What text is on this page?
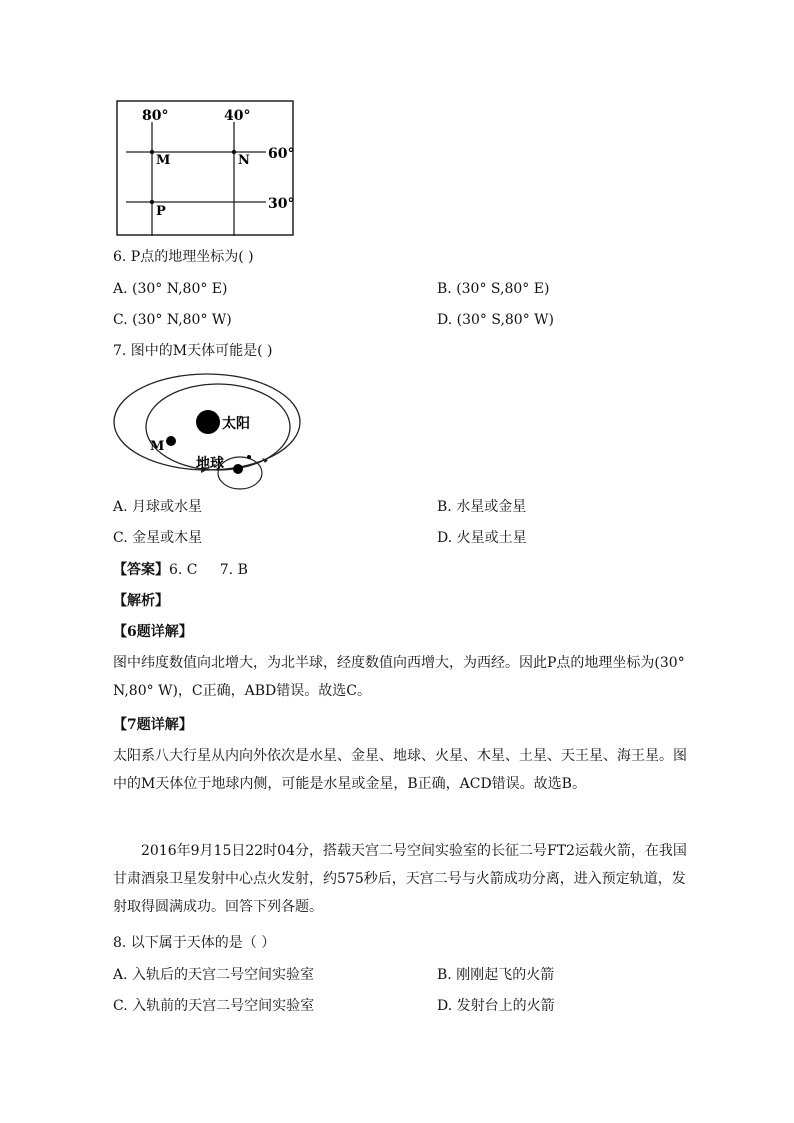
80°	40°
60°
30°
M	N
P
6. P点的地理坐标为( )
A. (30° N,80° E)	B. (30° S,80° E)
C. (30° N,80° W)	D. (30° S,80° W)
7. 图中的M天体可能是( )
太阳
M
地球
A. 月球或水星	B. 水星或金星
C. 金星或木星	D. 火星或土星
【答案】6. C     7. B
【解析】
【6题详解】
图中纬度数值向北增大，为北半球，经度数值向西增大，为西经。因此P点的地理坐标为(30° N,80° W)，C正确，ABD错误。故选C。
【7题详解】
太阳系八大行星从内向外依次是水星、金星、地球、火星、木星、土星、天王星、海王星。图中的M天体位于地球内侧，可能是水星或金星，B正确，ACD错误。故选B。
2016年9月15日22时04分，搭载天宫二号空间实验室的长征二号FT2运载火箭，在我国甘肃酒泉卫星发射中心点火发射，约575秒后，天宫二号与火箭成功分离，进入预定轨道，发射取得圆满成功。回答下列各题。
8. 以下属于天体的是（ ）
A. 入轨后的天宫二号空间实验室	B. 刚刚起飞的火箭
C. 入轨前的天宫二号空间实验室	D. 发射台上的火箭
